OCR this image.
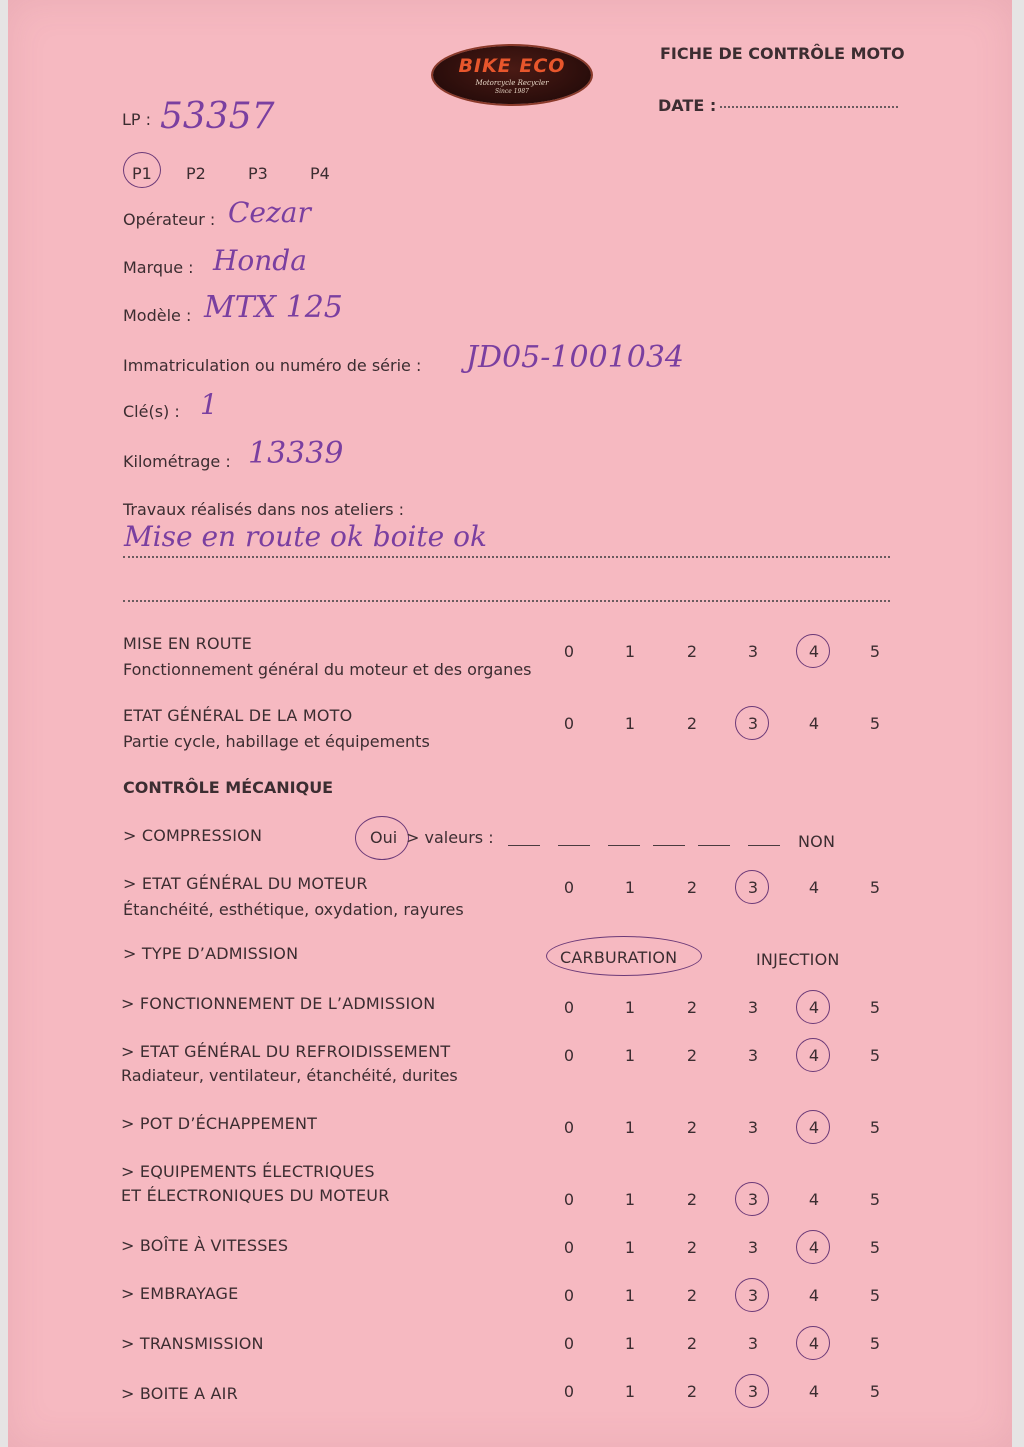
BIKE ECO
Motorcycle Recycler
Since 1987
FICHE DE CONTRÔLE MOTO
DATE :
LP : 53357
P1 P2	P3	P4
Opérateur : Cezar
Marque : Honda
Modèle : MTX 125
Immatriculation ou numéro de série : JD05-1001034
Clé(s) : 1
Kilométrage : 13339
Travaux réalisés dans nos ateliers :
Mise en route ok boite ok
MISE EN ROUTE
Fonctionnement général du moteur et des organes
0	1	2	3	4	5
ETAT GÉNÉRAL DE LA MOTO
Partie cycle, habillage et équipements
0	1	2	3	4	5
CONTRÔLE MÉCANIQUE
> COMPRESSION	Oui > valeurs :	NON
> ETAT GÉNÉRAL DU MOTEUR
Étanchéité, esthétique, oxydation, rayures
0	1	2	3	4	5
> TYPE D’ADMISSION	CARBURATION	INJECTION
> FONCTIONNEMENT DE L’ADMISSION	0	1	2	3	4	5
> ETAT GÉNÉRAL DU REFROIDISSEMENT
Radiateur, ventilateur, étanchéité, durites
0	1	2	3	4	5
> POT D’ÉCHAPPEMENT	0	1	2	3	4	5
> EQUIPEMENTS ÉLECTRIQUES
ET ÉLECTRONIQUES DU MOTEUR	0	1	2	3	4	5
> BOÎTE À VITESSES	0	1	2	3	4	5
> EMBRAYAGE	0	1	2	3	4	5
> TRANSMISSION	0	1	2	3	4	5
> BOITE A AIR	0	1	2	3	4	5
